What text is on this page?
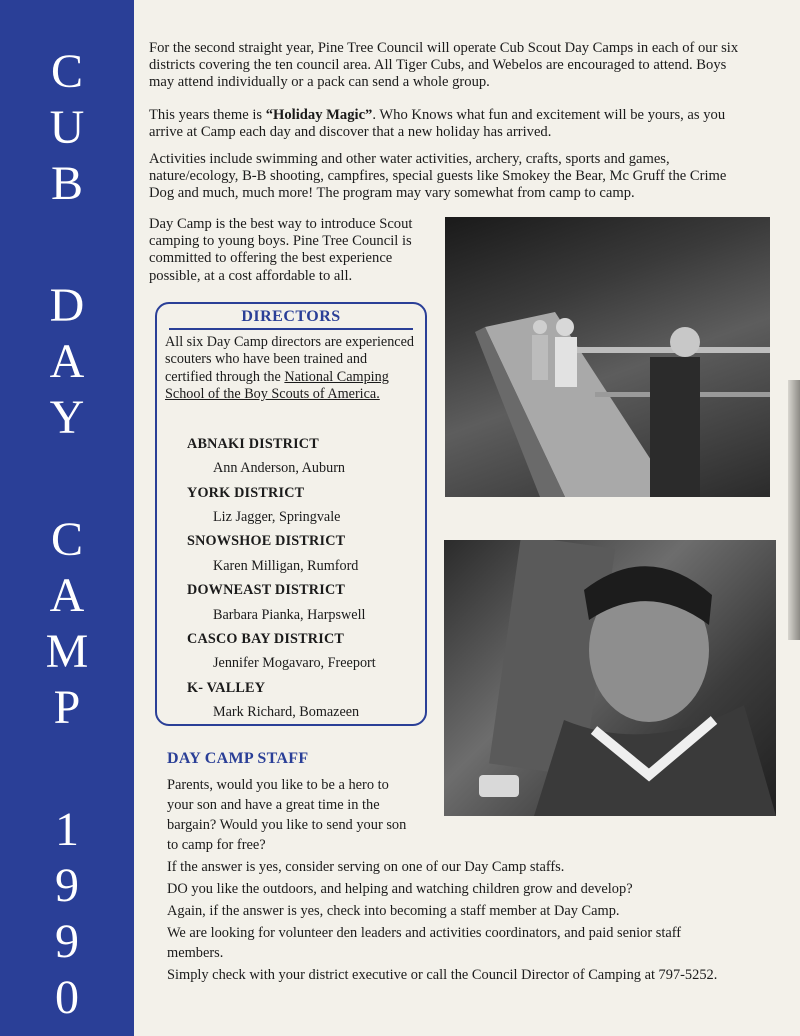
C
U
B
D
A
Y
C
A
M
P
1
9
9
0

For the second straight year, Pine Tree Council will operate Cub Scout Day Camps in each of our six districts covering the ten council area. All Tiger Cubs, and Webelos are encouraged to attend. Boys may attend individually or a pack can send a whole group.

This years theme is “Holiday Magic”. Who Knows what fun and excitement will be yours, as you arrive at Camp each day and discover that a new holiday has arrived.

Activities include swimming and other water activities, archery, crafts, sports and games, nature/ecology, B-B shooting, campfires, special guests like Smokey the Bear, Mc Gruff the Crime Dog and much, much more! The program may vary somewhat from camp to camp.

Day Camp is the best way to introduce Scout camping to young boys. Pine Tree Council is committed to offering the best experience possible, at a cost affordable to all.

DIRECTORS

All six Day Camp directors are experienced scouters who have been trained and certified through the National Camping School of the Boy Scouts of America.

ABNAKI DISTRICT
Ann Anderson, Auburn
YORK DISTRICT
Liz Jagger, Springvale
SNOWSHOE DISTRICT
Karen Milligan, Rumford
DOWNEAST DISTRICT
Barbara Pianka, Harpswell
CASCO BAY DISTRICT
Jennifer Mogavaro, Freeport
K- VALLEY
Mark Richard, Bomazeen
DAY CAMP STAFF

Parents, would you like to be a hero to

your son and have a great time in the

bargain? Would you like to send your son

to camp for free?

If the answer is yes, consider serving on one of our Day Camp staffs.

DO you like the outdoors, and helping and watching children grow and develop?

Again, if the answer is yes, check into becoming a staff member at Day Camp.

We are looking for volunteer den leaders and activities coordinators, and paid senior staff

members.

Simply check with your district executive or call the Council Director of Camping at 797-5252.
